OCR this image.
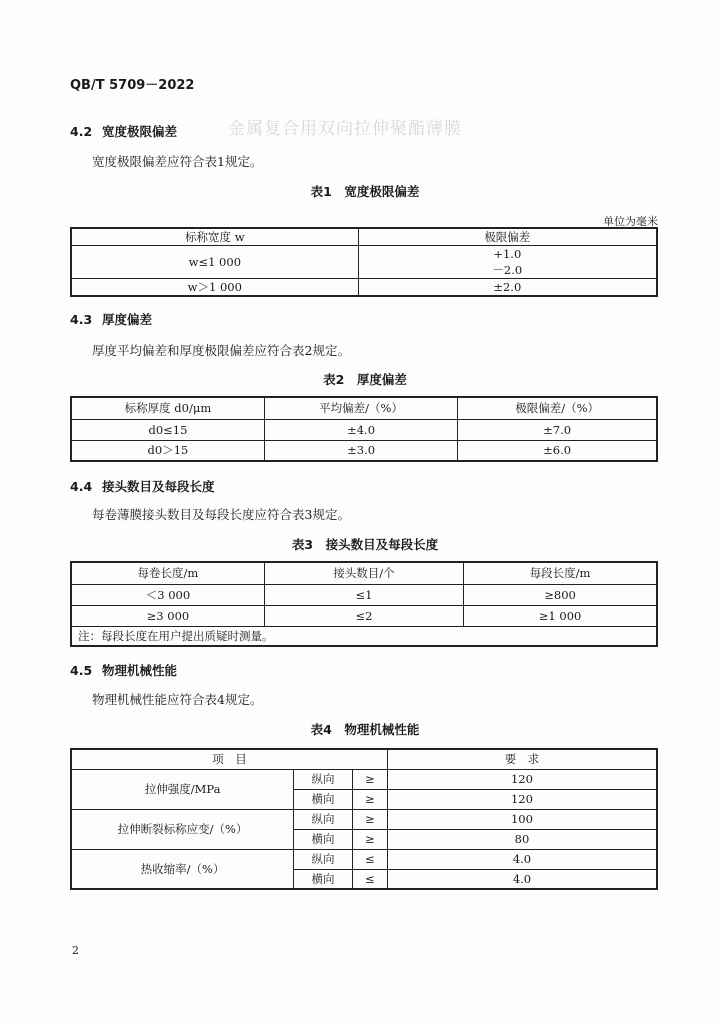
金属复合用双向拉伸聚酯薄膜
QB/T 5709－2022
4.2 宽度极限偏差
宽度极限偏差应符合表1规定。
表1　宽度极限偏差
单位为毫米
标称宽度 w	极限偏差
w≤1 000	+1.0
－2.0

w＞1 000	±2.0
4.3 厚度偏差
厚度平均偏差和厚度极限偏差应符合表2规定。
表2　厚度偏差
标称厚度 d0/μm	平均偏差/（%）	极限偏差/（%）
d0≤15	±4.0	±7.0
d0＞15	±3.0	±6.0
4.4 接头数目及每段长度
每卷薄膜接头数目及每段长度应符合表3规定。
表3　接头数目及每段长度
每卷长度/m	接头数目/个	每段长度/m
＜3 000	≤1	≥800
≥3 000	≤2	≥1 000
注：每段长度在用户提出质疑时测量。		
4.5 物理机械性能
物理机械性能应符合表4规定。
表4　物理机械性能
项　目			要　求
拉伸强度/MPa	纵向	≥	120
	横向	≥	120
拉伸断裂标称应变/（%）	纵向	≥	100
	横向	≥	80
热收缩率/（%）	纵向	≤	4.0
	横向	≤	4.0
2
